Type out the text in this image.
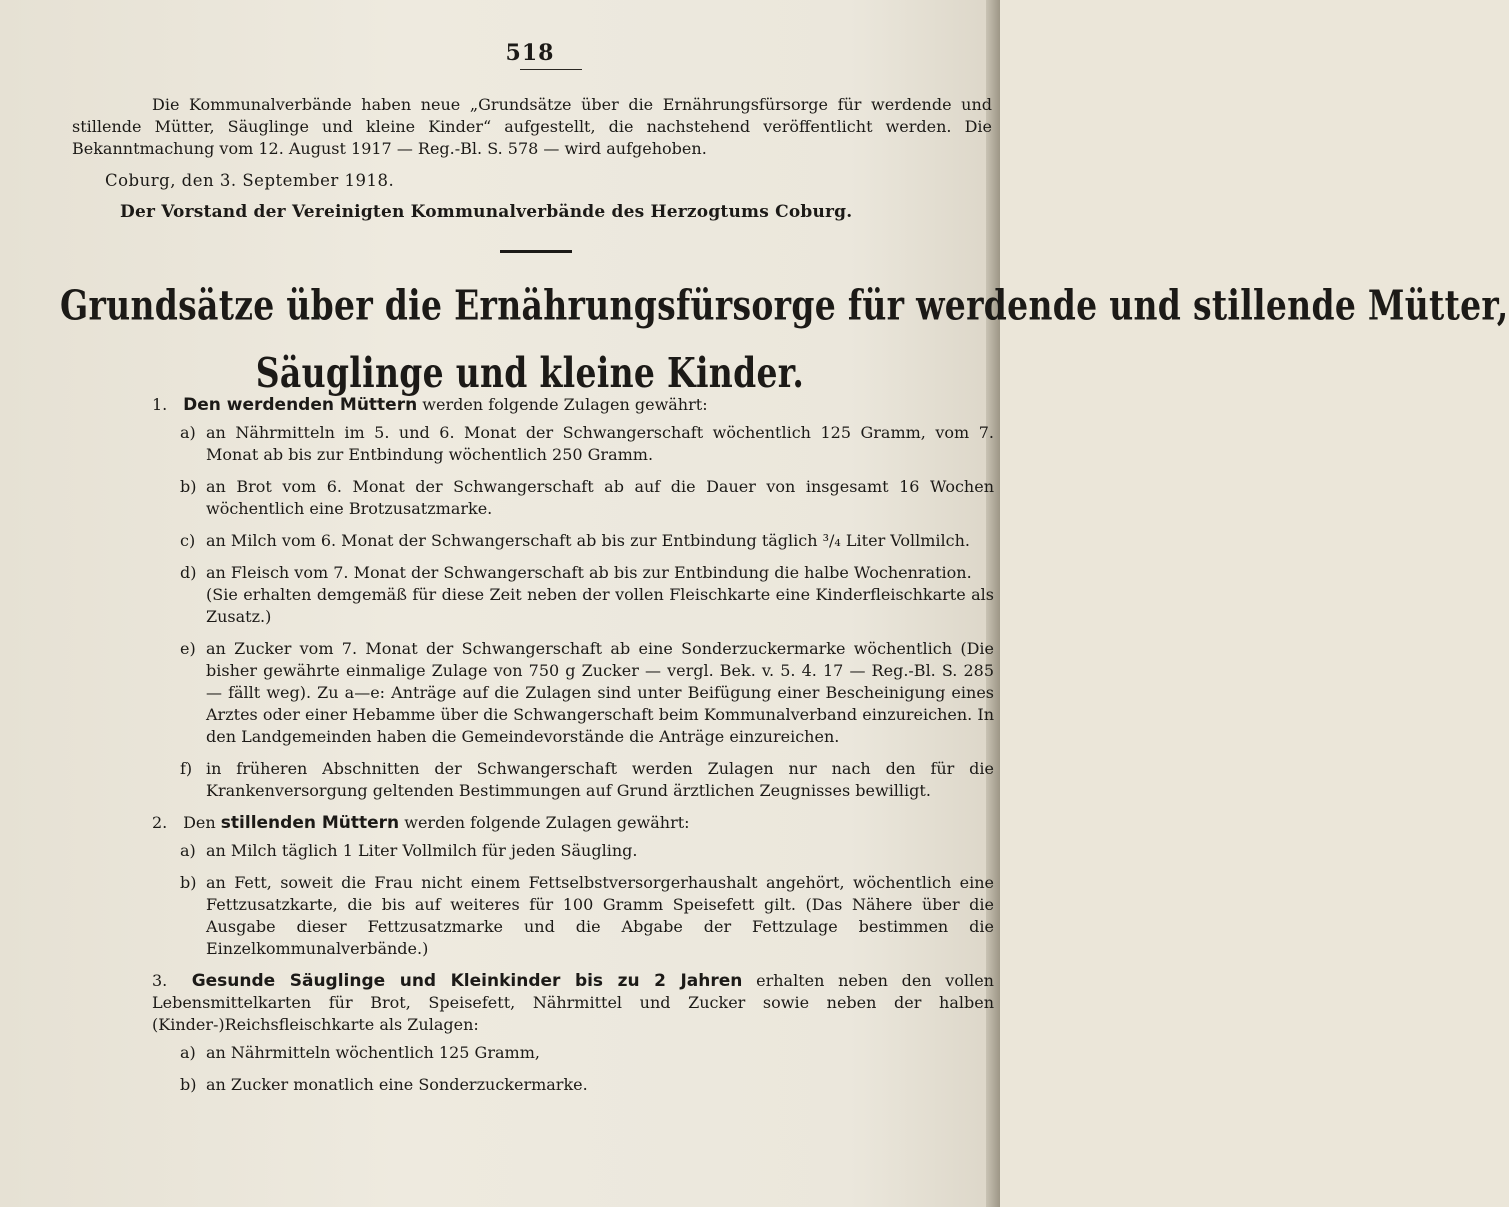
518

Die Kommunalverbände haben neue „Grundsätze über die Ernährungsfürsorge für werdende und stillende Mütter, Säuglinge und kleine Kinder“ aufgestellt, die nachstehend veröffentlicht werden. Die Bekanntmachung vom 12. August 1917 — Reg.-Bl. S. 578 — wird aufgehoben.

Coburg, den 3. September 1918.
Der Vorstand der Vereinigten Kommunalverbände des Herzogtums Coburg.
Grundsätze über die Ernährungsfürsorge für werdende und stillende Mütter,
Säuglinge und kleine Kinder.

1. Den werdenden Müttern werden folgende Zulagen gewährt:

a) an Nährmitteln im 5. und 6. Monat der Schwangerschaft wöchentlich 125 Gramm, vom 7. Monat ab bis zur Entbindung wöchentlich 250 Gramm.
b) an Brot vom 6. Monat der Schwangerschaft ab auf die Dauer von insgesamt 16 Wochen wöchentlich eine Brotzusatzmarke.
c) an Milch vom 6. Monat der Schwangerschaft ab bis zur Entbindung täglich ³/₄ Liter Vollmilch.
d) an Fleisch vom 7. Monat der Schwangerschaft ab bis zur Entbindung die halbe Wochenration.
(Sie erhalten demgemäß für diese Zeit neben der vollen Fleischkarte eine Kinderfleischkarte als Zusatz.)
e) an Zucker vom 7. Monat der Schwangerschaft ab eine Sonderzuckermarke wöchentlich (Die bisher gewährte einmalige Zulage von 750 g Zucker — vergl. Bek. v. 5. 4. 17 — Reg.-Bl. S. 285 — fällt weg). Zu a—e: Anträge auf die Zulagen sind unter Beifügung einer Bescheinigung eines Arztes oder einer Hebamme über die Schwangerschaft beim Kommunalverband einzureichen. In den Landgemeinden haben die Gemeindevorstände die Anträge einzureichen.
f) in früheren Abschnitten der Schwangerschaft werden Zulagen nur nach den für die Krankenversorgung geltenden Bestimmungen auf Grund ärztlichen Zeugnisses bewilligt.

2. Den stillenden Müttern werden folgende Zulagen gewährt:

a) an Milch täglich 1 Liter Vollmilch für jeden Säugling.
b) an Fett, soweit die Frau nicht einem Fettselbstversorgerhaushalt angehört, wöchentlich eine Fettzusatzkarte, die bis auf weiteres für 100 Gramm Speisefett gilt. (Das Nähere über die Ausgabe dieser Fettzusatzmarke und die Abgabe der Fettzulage bestimmen die Einzelkommunalverbände.)

3. Gesunde Säuglinge und Kleinkinder bis zu 2 Jahren erhalten neben den vollen Lebensmittelkarten für Brot, Speisefett, Nährmittel und Zucker sowie neben der halben (Kinder-)Reichsfleischkarte als Zulagen:

a) an Nährmitteln wöchentlich 125 Gramm,
b) an Zucker monatlich eine Sonderzuckermarke.
